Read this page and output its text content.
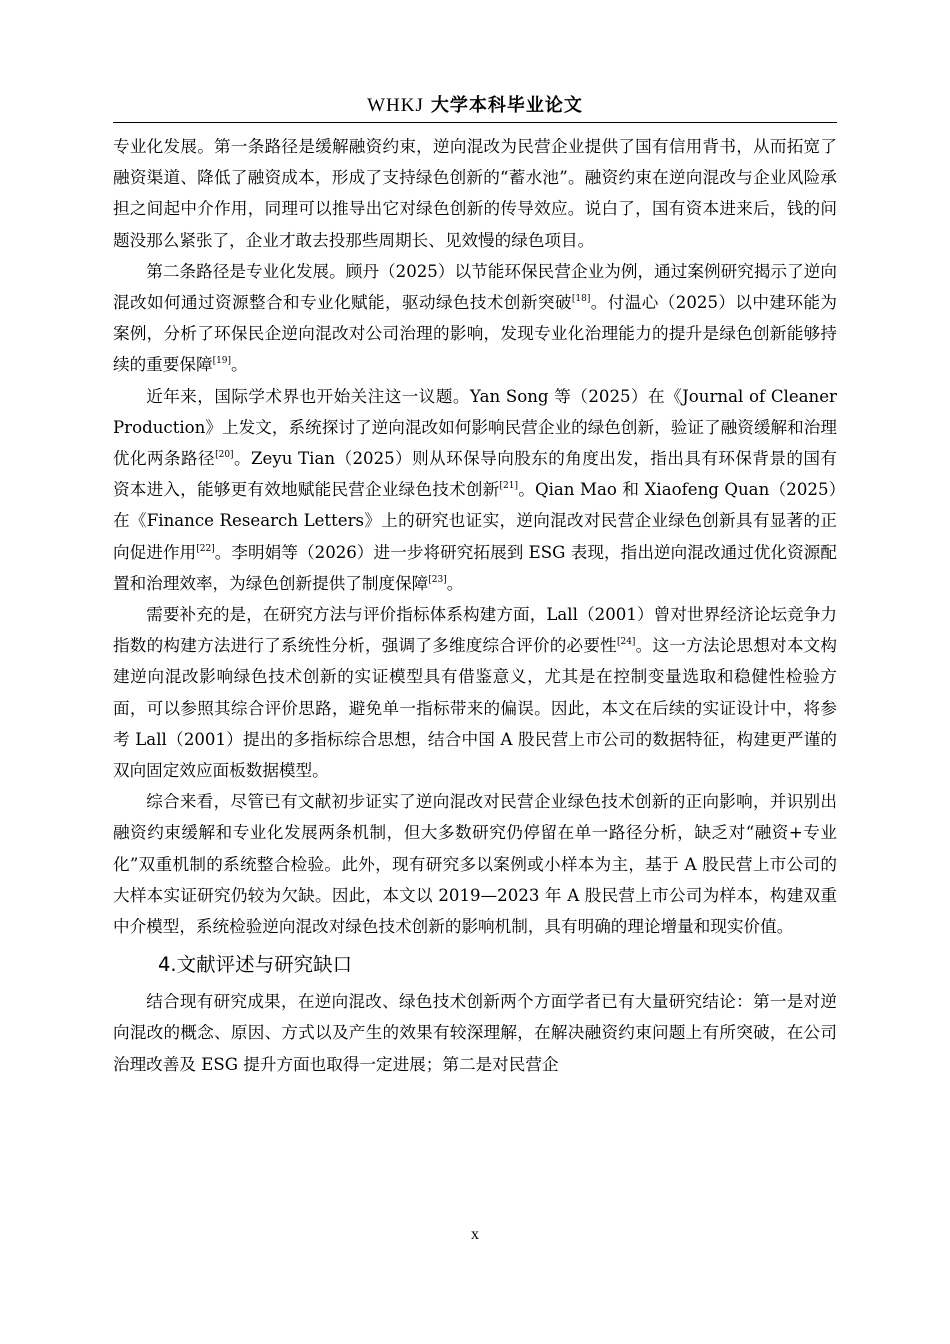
WHKJ 大学本科毕业论文

专业化发展。第一条路径是缓解融资约束，逆向混改为民营企业提供了国有信用背书，从而拓宽了融资渠道、降低了融资成本，形成了支持绿色创新的“蓄水池”。融资约束在逆向混改与企业风险承担之间起中介作用，同理可以推导出它对绿色创新的传导效应。说白了，国有资本进来后，钱的问题没那么紧张了，企业才敢去投那些周期长、见效慢的绿色项目。

第二条路径是专业化发展。顾丹（2025）以节能环保民营企业为例，通过案例研究揭示了逆向混改如何通过资源整合和专业化赋能，驱动绿色技术创新突破[18]。付温心（2025）以中建环能为案例，分析了环保民企逆向混改对公司治理的影响，发现专业化治理能力的提升是绿色创新能够持续的重要保障[19]。

近年来，国际学术界也开始关注这一议题。Yan Song 等（2025）在《Journal of Cleaner Production》上发文，系统探讨了逆向混改如何影响民营企业的绿色创新，验证了融资缓解和治理优化两条路径[20]。Zeyu Tian（2025）则从环保导向股东的角度出发，指出具有环保背景的国有资本进入，能够更有效地赋能民营企业绿色技术创新[21]。Qian Mao 和 Xiaofeng Quan（2025）在《Finance Research Letters》上的研究也证实，逆向混改对民营企业绿色创新具有显著的正向促进作用[22]。李明娟等（2026）进一步将研究拓展到 ESG 表现，指出逆向混改通过优化资源配置和治理效率，为绿色创新提供了制度保障[23]。

需要补充的是，在研究方法与评价指标体系构建方面，Lall（2001）曾对世界经济论坛竞争力指数的构建方法进行了系统性分析，强调了多维度综合评价的必要性[24]。这一方法论思想对本文构建逆向混改影响绿色技术创新的实证模型具有借鉴意义，尤其是在控制变量选取和稳健性检验方面，可以参照其综合评价思路，避免单一指标带来的偏误。因此，本文在后续的实证设计中，将参考 Lall（2001）提出的多指标综合思想，结合中国 A 股民营上市公司的数据特征，构建更严谨的双向固定效应面板数据模型。

综合来看，尽管已有文献初步证实了逆向混改对民营企业绿色技术创新的正向影响，并识别出融资约束缓解和专业化发展两条机制，但大多数研究仍停留在单一路径分析，缺乏对“融资+专业化”双重机制的系统整合检验。此外，现有研究多以案例或小样本为主，基于 A 股民营上市公司的大样本实证研究仍较为欠缺。因此，本文以 2019—2023 年 A 股民营上市公司为样本，构建双重中介模型，系统检验逆向混改对绿色技术创新的影响机制，具有明确的理论增量和现实价值。

4.文献评述与研究缺口

结合现有研究成果，在逆向混改、绿色技术创新两个方面学者已有大量研究结论：第一是对逆向混改的概念、原因、方式以及产生的效果有较深理解，在解决融资约束问题上有所突破，在公司治理改善及 ESG 提升方面也取得一定进展；第二是对民营企

x
